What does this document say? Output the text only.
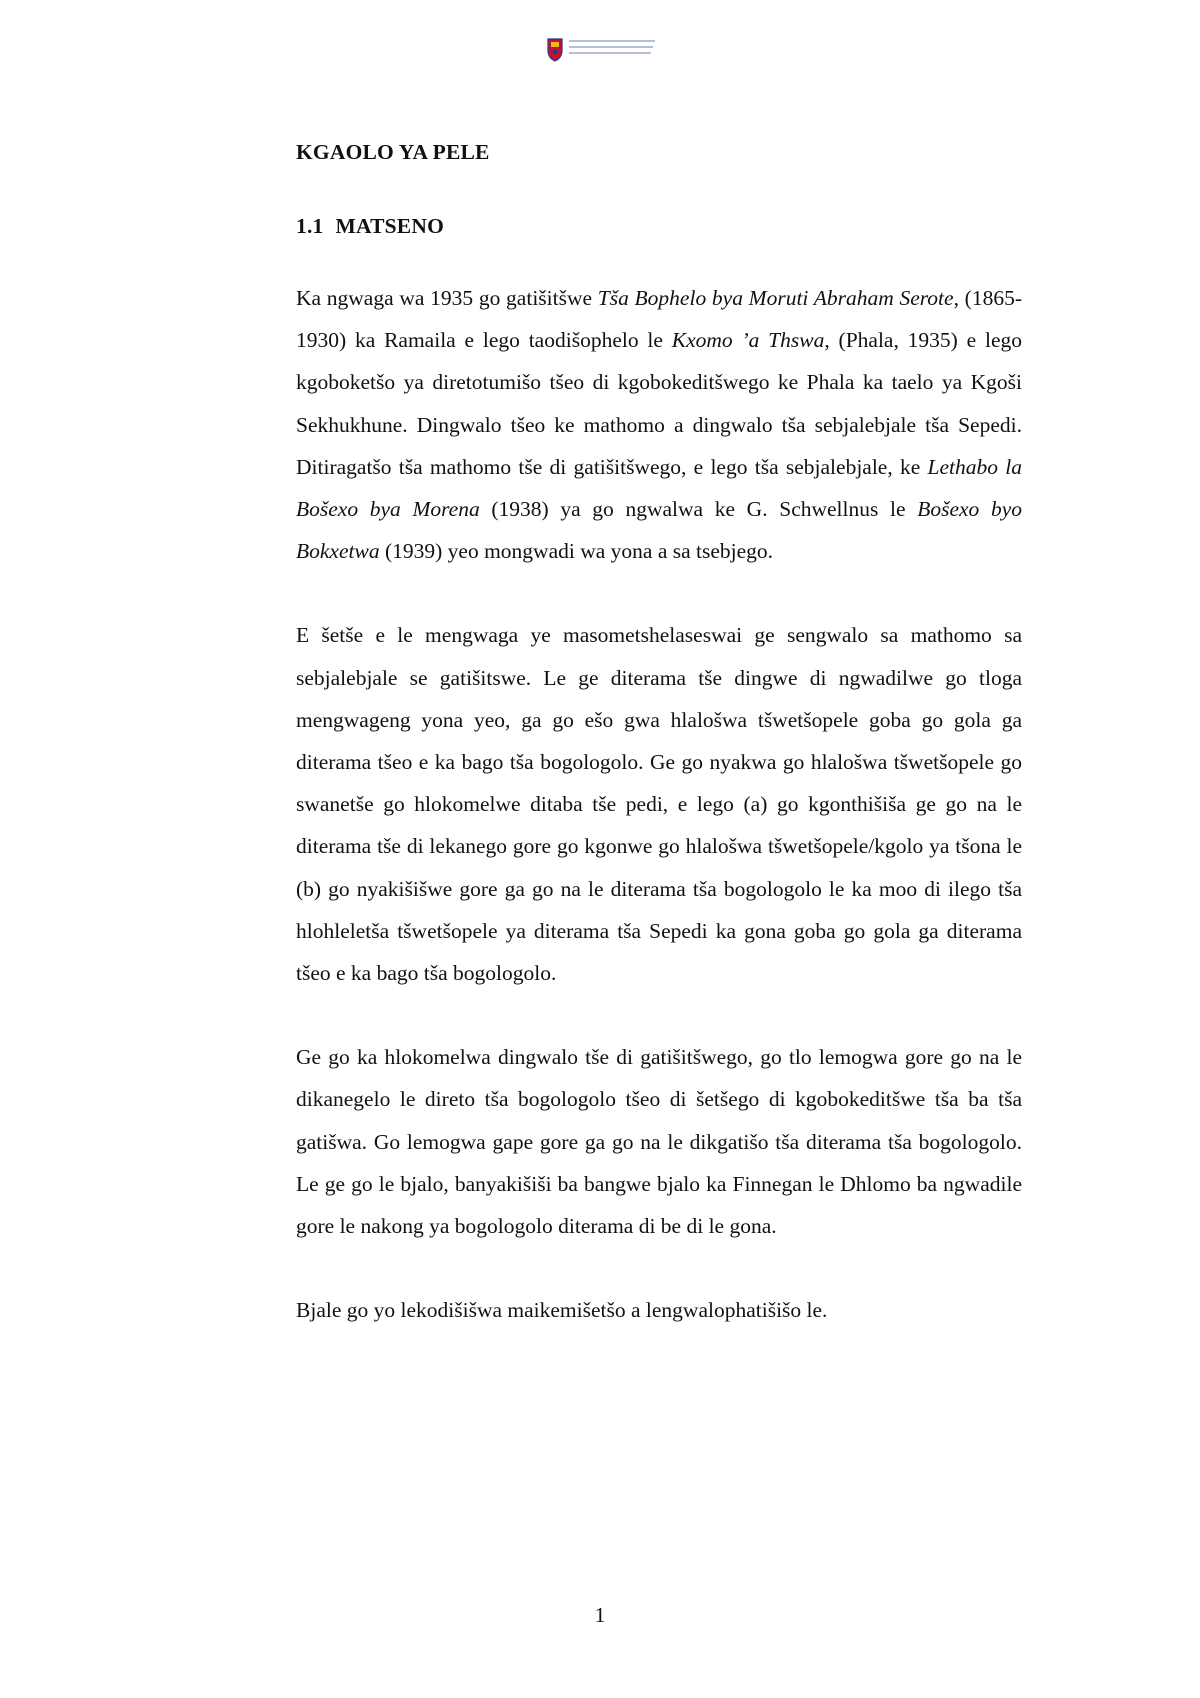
KGAOLO YA PELE
1.1 MATSENO

Ka ngwaga wa 1935 go gatišitšwe Tša Bophelo bya Moruti Abraham Serote, (1865-1930) ka Ramaila e lego taodišophelo le Kxomo ’a Thswa, (Phala, 1935) e lego kgoboketšo ya diretotumišo tšeo di kgobokeditšwego ke Phala ka taelo ya Kgoši Sekhukhune. Dingwalo tšeo ke mathomo a dingwalo tša sebjalebjale tša Sepedi. Ditiragatšo tša mathomo tše di gatišitšwego, e lego tša sebjalebjale, ke Lethabo la Bošexo bya Morena (1938) ya go ngwalwa ke G. Schwellnus le Bošexo byo Bokxetwa (1939) yeo mongwadi wa yona a sa tsebjego.

E šetše e le mengwaga ye masometshelaseswai ge sengwalo sa mathomo sa sebjalebjale se gatišitswe. Le ge diterama tše dingwe di ngwadilwe go tloga mengwageng yona yeo, ga go ešo gwa hlalošwa tšwetšopele goba go gola ga diterama tšeo e ka bago tša bogologolo. Ge go nyakwa go hlalošwa tšwetšopele go swanetše go hlokomelwe ditaba tše pedi, e lego (a) go kgonthišiša ge go na le diterama tše di lekanego gore go kgonwe go hlalošwa tšwetšopele/kgolo ya tšona le (b) go nyakišišwe gore ga go na le diterama tša bogologolo le ka moo di ilego tša hlohleletša tšwetšopele ya diterama tša Sepedi ka gona goba go gola ga diterama tšeo e ka bago tša bogologolo.

Ge go ka hlokomelwa dingwalo tše di gatišitšwego, go tlo lemogwa gore go na le dikanegelo le direto tša bogologolo tšeo di šetšego di kgobokeditšwe tša ba tša gatišwa. Go lemogwa gape gore ga go na le dikgatišo tša diterama tša bogologolo. Le ge go le bjalo, banyakišiši ba bangwe bjalo ka Finnegan le Dhlomo ba ngwadile gore le nakong ya bogologolo diterama di be di le gona.

Bjale go yo lekodišišwa maikemišetšo a lengwalophatišišo le.

1
